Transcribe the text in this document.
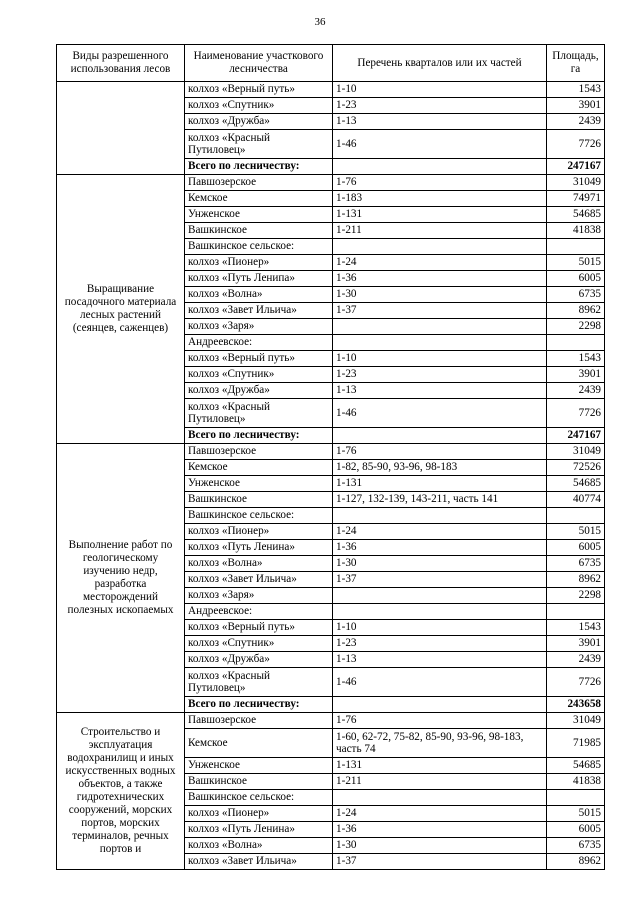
36
Виды разрешенного использования лесов	Наименование участкового лесничества	Перечень кварталов или их частей	Площадь, га
	колхоз «Верный путь»	1-10	1543
	колхоз «Спутник»	1-23	3901
	колхоз «Дружба»	1-13	2439
	колхоз «Красный Путиловец»	1-46	7726
	Всего по лесничеству:		247167
Выращивание посадочного материала лесных растений (сеянцев, саженцев)	Павшозерское	1-76	31049
	Кемское	1-183	74971
	Унженское	1-131	54685
	Вашкинское	1-211	41838
	Вашкинское сельское:		
	колхоз «Пионер»	1-24	5015
	колхоз «Путь Ленипа»	1-36	6005
	колхоз «Волна»	1-30	6735
	колхоз «Завет Ильича»	1-37	8962
	колхоз «Заря»		2298
	Андреевское:		
	колхоз «Верный путь»	1-10	1543
	колхоз «Спутник»	1-23	3901
	колхоз «Дружба»	1-13	2439
	колхоз «Красный Путиловец»	1-46	7726
	Всего по лесничеству:		247167
Выполнение работ по геологическому изучению недр, разработка месторождений полезных ископаемых	Павшозерское	1-76	31049
	Кемское	1-82, 85-90, 93-96, 98-183	72526
	Унженское	1-131	54685
	Вашкинское	1-127, 132-139, 143-211, часть 141	40774
	Вашкинское сельское:		
	колхоз «Пионер»	1-24	5015
	колхоз «Путь Ленина»	1-36	6005
	колхоз «Волна»	1-30	6735
	колхоз «Завет Ильича»	1-37	8962
	колхоз «Заря»		2298
	Андреевское:		
	колхоз «Верный путь»	1-10	1543
	колхоз «Спутник»	1-23	3901
	колхоз «Дружба»	1-13	2439
	колхоз «Красный Путиловец»	1-46	7726
	Всего по лесничеству:		243658
Строительство и эксплуатация водохранилищ и иных искусственных водных объектов, а также гидротехнических сооружений, морских портов, морских терминалов, речных портов и	Павшозерское	1-76	31049
	Кемское	1-60, 62-72, 75-82, 85-90, 93-96, 98-183, часть 74	71985
	Унженское	1-131	54685
	Вашкинское	1-211	41838
	Вашкинское сельское:		
	колхоз «Пионер»	1-24	5015
	колхоз «Путь Ленина»	1-36	6005
	колхоз «Волна»	1-30	6735
	колхоз «Завет Ильича»	1-37	8962
